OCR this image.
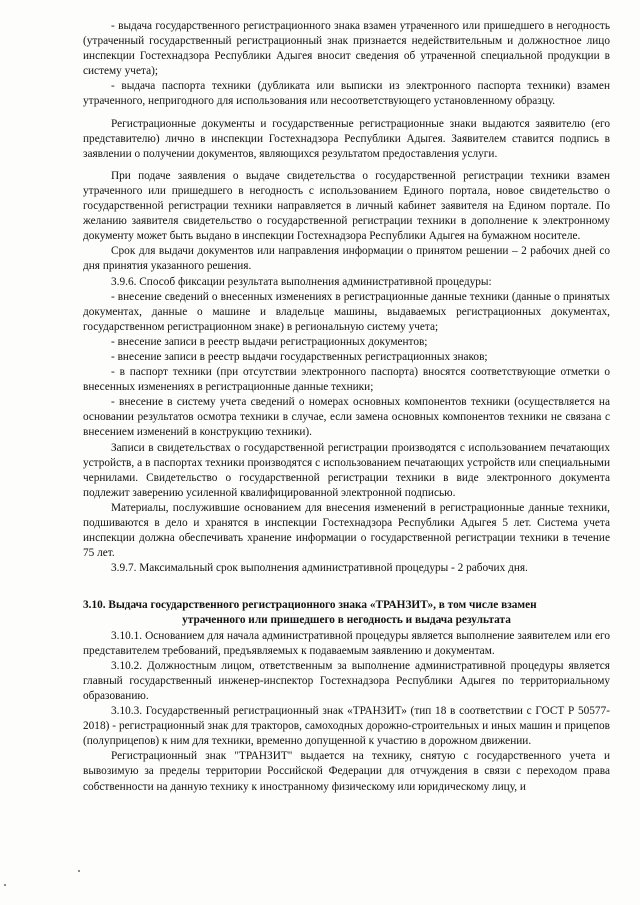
- выдача государственного регистрационного знака взамен утраченного или пришедшего в негодность (утраченный государственный регистрационный знак признается недействительным и должностное лицо инспекции Гостехнадзора Республики Адыгея вносит сведения об утраченной специальной продукции в систему учета);

- выдача паспорта техники (дубликата или выписки из электронного паспорта техники) взамен утраченного, непригодного для использования или несоответствующего установленному образцу.

Регистрационные документы и государственные регистрационные знаки выдаются заявителю (его представителю) лично в инспекции Гостехнадзора Республики Адыгея. Заявителем ставится подпись в заявлении о получении документов, являющихся результатом предоставления услуги.

При подаче заявления о выдаче свидетельства о государственной регистрации техники взамен утраченного или пришедшего в негодность с использованием Единого портала, новое свидетельство о государственной регистрации техники направляется в личный кабинет заявителя на Едином портале. По желанию заявителя свидетельство о государственной регистрации техники в дополнение к электронному документу может быть выдано в инспекции Гостехнадзора Республики Адыгея на бумажном носителе.

Срок для выдачи документов или направления информации о принятом решении – 2 рабочих дней со дня принятия указанного решения.

3.9.6. Способ фиксации результата выполнения административной процедуры:

- внесение сведений о внесенных изменениях в регистрационные данные техники (данные о принятых документах, данные о машине и владельце машины, выдаваемых регистрационных документах, государственном регистрационном знаке) в региональную систему учета;

- внесение записи в реестр выдачи регистрационных документов;

- внесение записи в реестр выдачи государственных регистрационных знаков;

- в паспорт техники (при отсутствии электронного паспорта) вносятся соответствующие отметки о внесенных изменениях в регистрационные данные техники;

- внесение в систему учета сведений о номерах основных компонентов техники (осуществляется на основании результатов осмотра техники в случае, если замена основных компонентов техники не связана с внесением изменений в конструкцию техники).

Записи в свидетельствах о государственной регистрации производятся с использованием печатающих устройств, а в паспортах техники производятся с использованием печатающих устройств или специальными чернилами. Свидетельство о государственной регистрации техники в виде электронного документа подлежит заверению усиленной квалифицированной электронной подписью.

Материалы, послужившие основанием для внесения изменений в регистрационные данные техники, подшиваются в дело и хранятся в инспекции Гостехнадзора Республики Адыгея 5 лет. Система учета инспекции должна обеспечивать хранение информации о государственной регистрации техники в течение 75 лет.

3.9.7. Максимальный срок выполнения административной процедуры - 2 рабочих дня.

3.10. Выдача государственного регистрационного знака «ТРАНЗИТ», в том числе взамен
утраченного или пришедшего в негодность и выдача результата

3.10.1. Основанием для начала административной процедуры является выполнение заявителем или его представителем требований, предъявляемых к подаваемым заявлению и документам.

3.10.2. Должностным лицом, ответственным за выполнение административной процедуры является главный государственный инженер-инспектор Гостехнадзора Республики Адыгея по территориальному образованию.

3.10.3. Государственный регистрационный знак «ТРАНЗИТ» (тип 18 в соответствии с ГОСТ Р 50577-2018) - регистрационный знак для тракторов, самоходных дорожно-строительных и иных машин и прицепов (полуприцепов) к ним для техники, временно допущенной к участию в дорожном движении.

Регистрационный знак "ТРАНЗИТ" выдается на технику, снятую с государственного учета и вывозимую за пределы территории Российской Федерации для отчуждения в связи с переходом права собственности на данную технику к иностранному физическому или юридическому лицу, и
